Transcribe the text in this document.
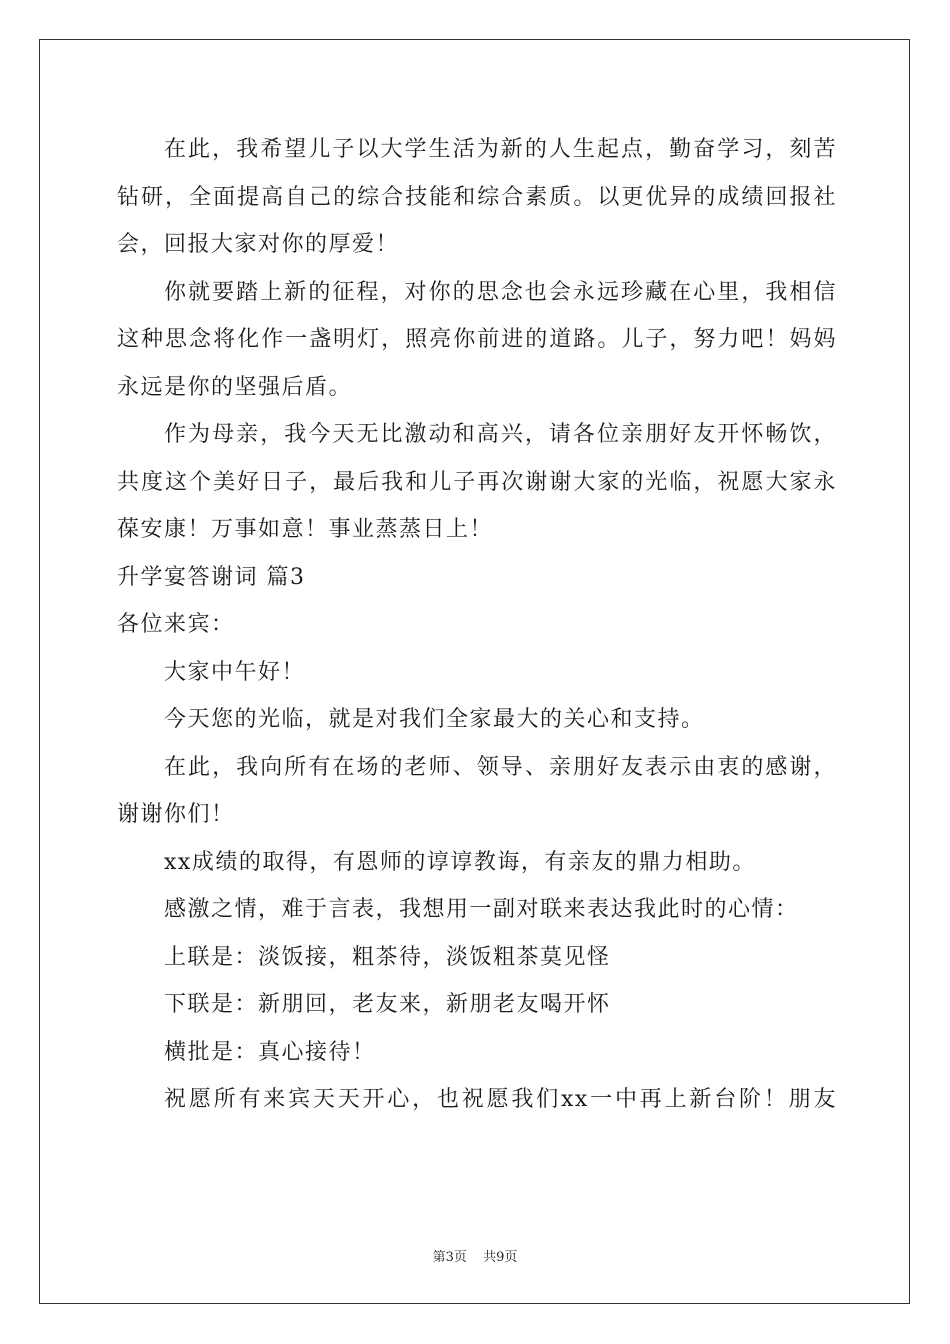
在此，我希望儿子以大学生活为新的人生起点，勤奋学习，刻苦
钻研，全面提高自己的综合技能和综合素质。以更优异的成绩回报社
会，回报大家对你的厚爱！
你就要踏上新的征程，对你的思念也会永远珍藏在心里，我相信
这种思念将化作一盏明灯，照亮你前进的道路。儿子，努力吧！妈妈
永远是你的坚强后盾。
作为母亲，我今天无比激动和高兴，请各位亲朋好友开怀畅饮，
共度这个美好日子，最后我和儿子再次谢谢大家的光临，祝愿大家永
葆安康！万事如意！事业蒸蒸日上！
升学宴答谢词 篇3
各位来宾：
大家中午好！
今天您的光临，就是对我们全家最大的关心和支持。
在此，我向所有在场的老师、领导、亲朋好友表示由衷的感谢，
谢谢你们！
xx成绩的取得，有恩师的谆谆教诲，有亲友的鼎力相助。
感激之情，难于言表，我想用一副对联来表达我此时的心情：
上联是：淡饭接，粗茶待，淡饭粗茶莫见怪
下联是：新朋回，老友来，新朋老友喝开怀
横批是：真心接待！
祝愿所有来宾天天开心，也祝愿我们xx一中再上新台阶！朋友
第3页 共9页
